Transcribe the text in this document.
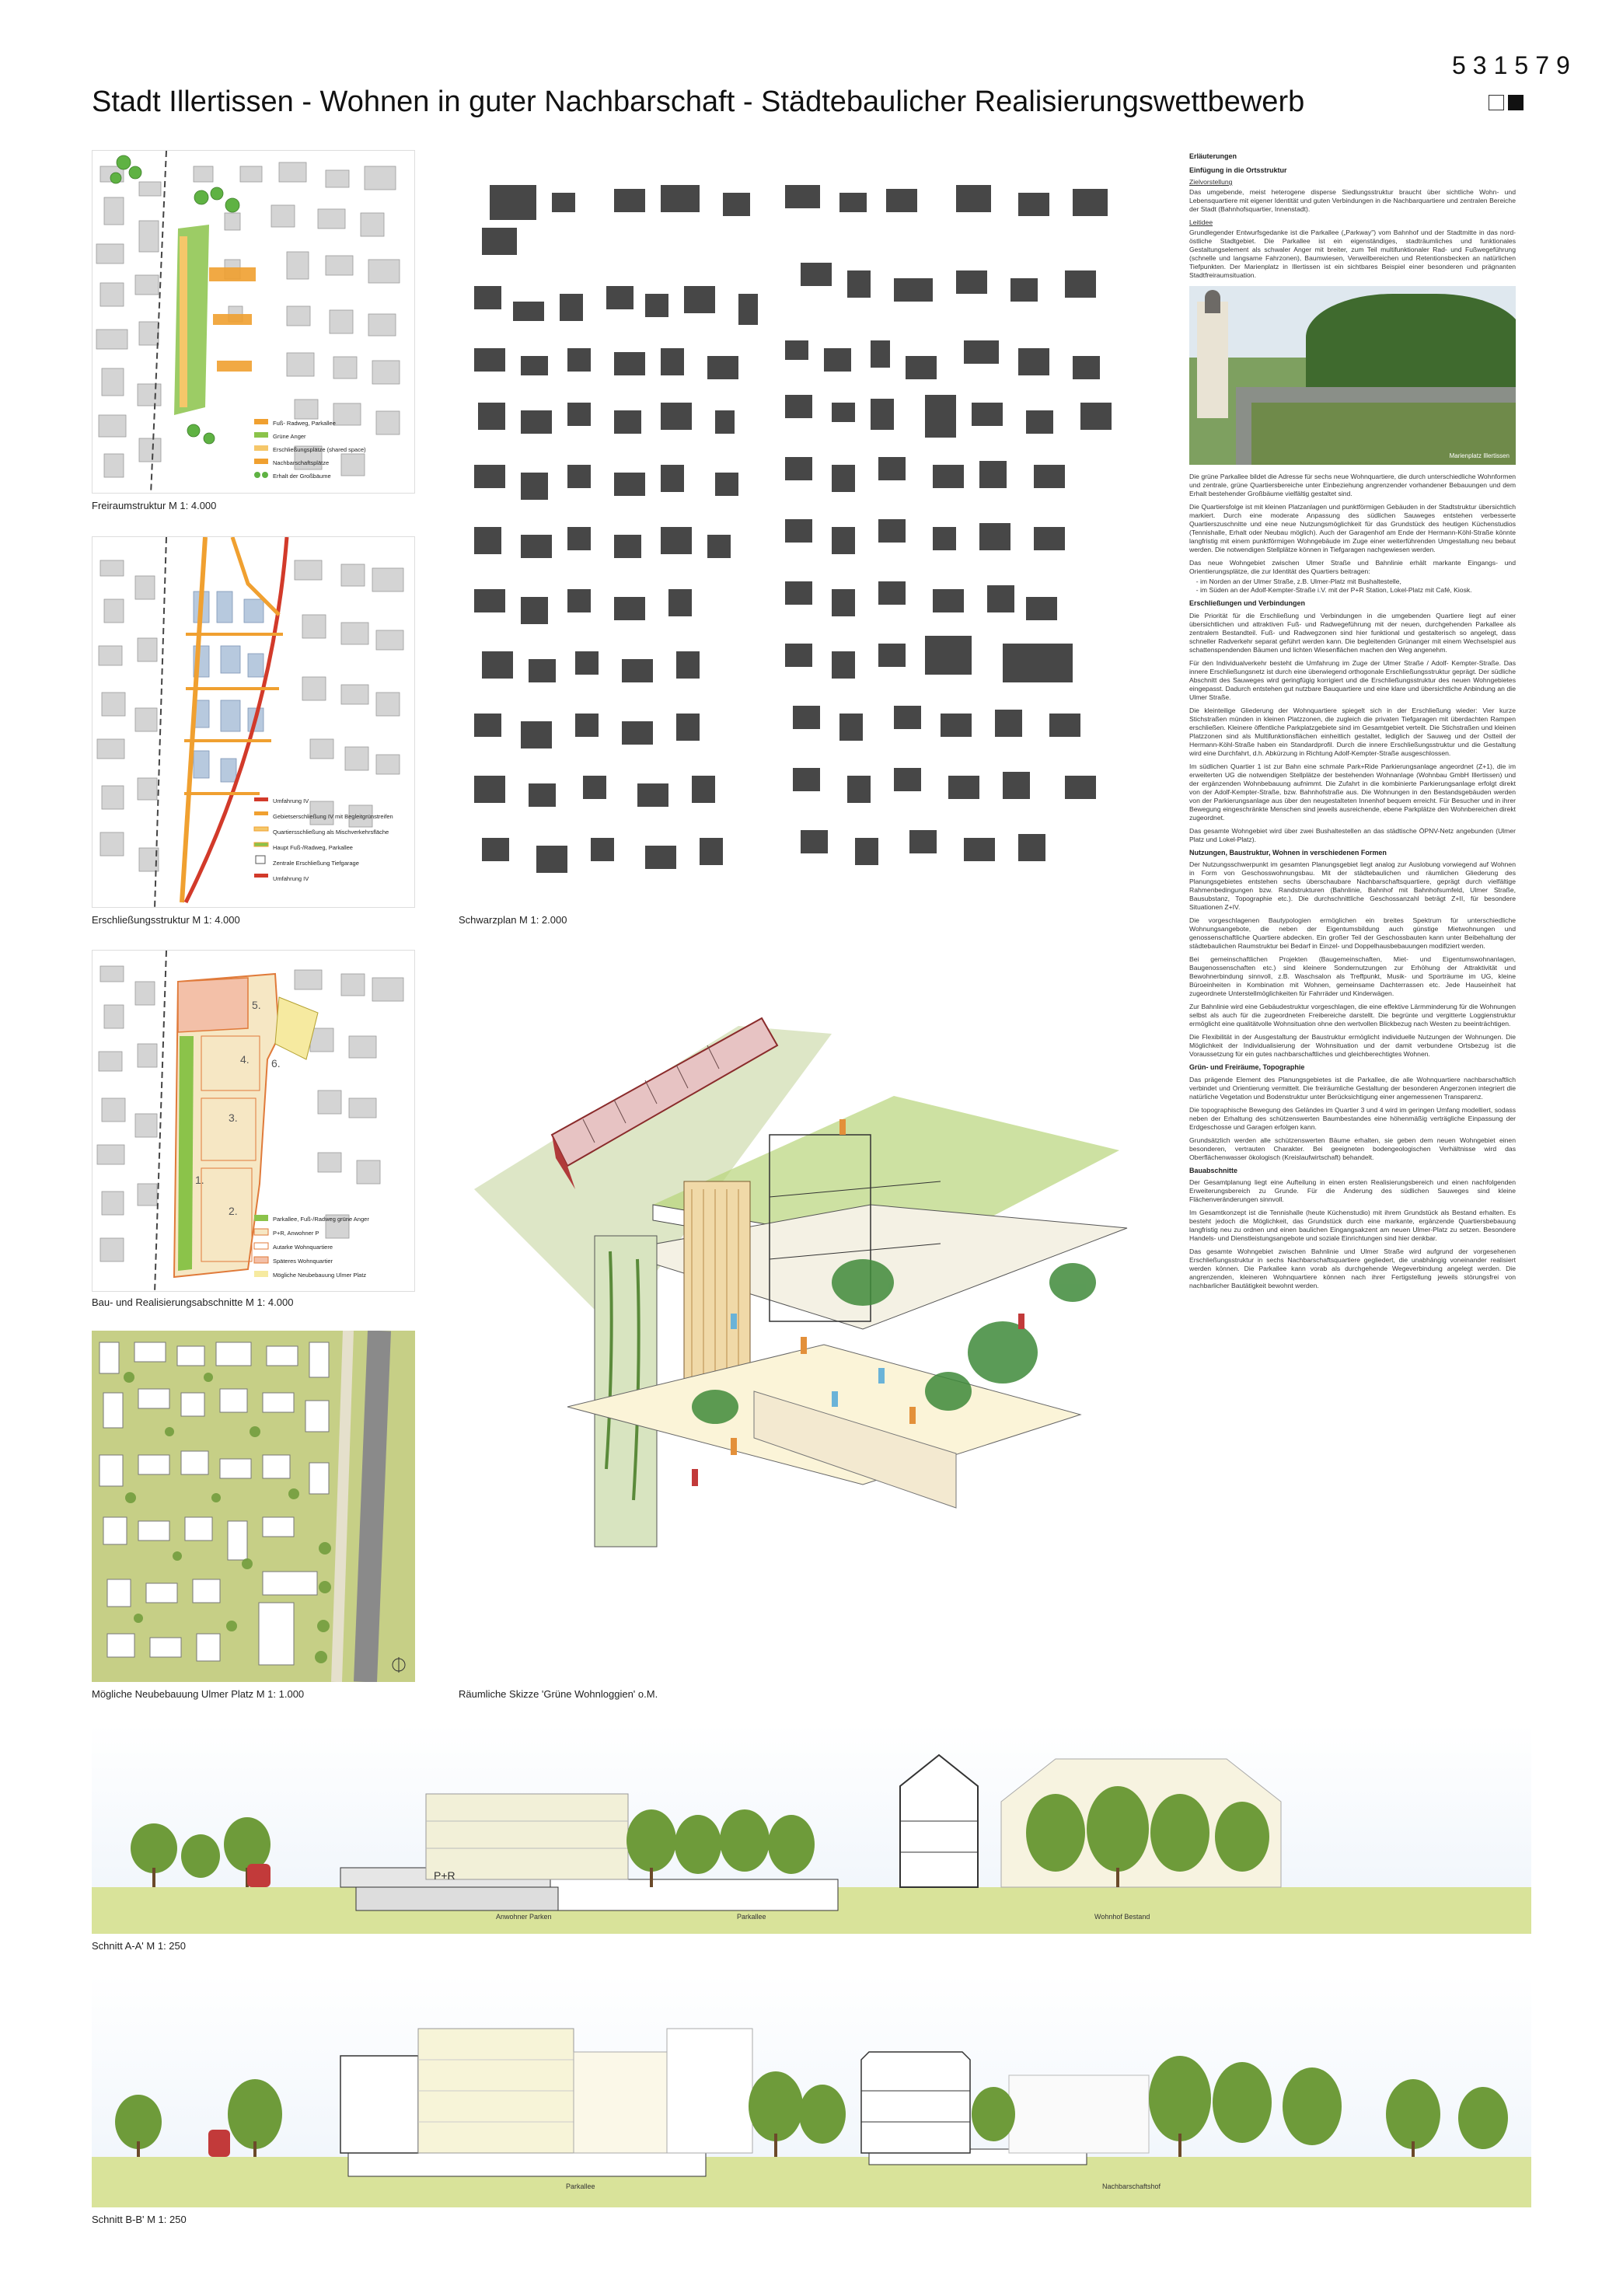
531579
Stadt Illertissen - Wohnen in guter Nachbarschaft - Städtebaulicher Realisierungswettbewerb
Fuß- Radweg, Parkallee
Grüne Anger
Erschließungsplätze (shared space)
Nachbarschaftsplätze
Erhalt der Großbäume
Freiraumstruktur M 1: 4.000
Umfahrung IV
Gebietserschließung IV mit Begleitgrünstreifen
Quartiersschließung als Mischverkehrsfläche
Haupt Fuß-/Radweg, Parkallee
Zentrale Erschließung Tiefgarage
Umfahrung IV
Erschließungsstruktur M 1: 4.000
5.
4.
3.
2.
1.
6.
Parkallee, Fuß-/Radweg grüne Anger
P+R, Anwohner P
Autarke Wohnquartiere
Späteres Wohnquartier
Mögliche Neubebauung Ulmer Platz
Bau- und Realisierungsabschnitte M 1: 4.000
Mögliche Neubebauung Ulmer Platz M 1: 1.000
Schwarzplan M 1: 2.000
Räumliche Skizze 'Grüne Wohnloggien' o.M.
Erläuterungen
Einfügung in die Ortsstruktur
Zielvorstellung

Das umgebende, meist heterogene disperse Siedlungsstruktur braucht über sichtliche Wohn- und Lebensquartiere mit eigener Identität und guten Verbindungen in die Nachbarquartiere und zentralen Bereiche der Stadt (Bahnhofsquartier, Innenstadt).

Leitidee

Grundlegender Entwurfsgedanke ist die Parkallee („Parkway") vom Bahnhof und der Stadtmitte in das nord-östliche Stadtgebiet. Die Parkallee ist ein eigenständiges, stadträumliches und funktionales Gestaltungselement als schwaler Anger mit breiter, zum Teil multifunktionaler Rad- und Fußwegeführung (schnelle und langsame Fahrzonen), Baumwiesen, Verweilbereichen und Retentionsbecken an natürlichen Tiefpunkten. Der Marienplatz in Illertissen ist ein sichtbares Beispiel einer besonderen und prägnanten Stadtfreiraumsituation.

Marienplatz Illertissen

Die grüne Parkallee bildet die Adresse für sechs neue Wohnquartiere, die durch unterschiedliche Wohnformen und zentrale, grüne Quartiersbereiche unter Einbeziehung angrenzender vorhandener Bebauungen und dem Erhalt bestehender Großbäume vielfältig gestaltet sind.

Die Quartiersfolge ist mit kleinen Platzanlagen und punktförmigen Gebäuden in der Stadtstruktur übersichtlich markiert. Durch eine moderate Anpassung des südlichen Sauweges entstehen verbesserte Quartierszuschnitte und eine neue Nutzungsmöglichkeit für das Grundstück des heutigen Küchenstudios (Tennishalle, Erhalt oder Neubau möglich). Auch der Garagenhof am Ende der Hermann-Köhl-Straße könnte langfristig mit einem punktförmigen Wohngebäude im Zuge einer weiterführenden Umgestaltung neu bebaut werden. Die notwendigen Stellplätze können in Tiefgaragen nachgewiesen werden.

Das neue Wohngebiet zwischen Ulmer Straße und Bahnlinie erhält markante Eingangs- und Orientierungsplätze, die zur Identität des Quartiers beitragen:

- im Norden an der Ulmer Straße, z.B. Ulmer-Platz mit Bushaltestelle,
- im Süden an der Adolf-Kempter-Straße i.V. mit der P+R Station, Lokel-Platz mit Café, Kiosk.
Erschließungen und Verbindungen

Die Priorität für die Erschließung und Verbindungen in die umgebenden Quartiere liegt auf einer übersichtlichen und attraktiven Fuß- und Radwegeführung mit der neuen, durchgehenden Parkallee als zentralem Bestandteil. Fuß- und Radwegzonen sind hier funktional und gestalterisch so angelegt, dass schneller Radverkehr separat geführt werden kann. Die begleitenden Grünanger mit einem Wechselspiel aus schattenspendenden Bäumen und lichten Wiesenflächen machen den Weg angenehm.

Für den Individualverkehr besteht die Umfahrung im Zuge der Ulmer Straße / Adolf- Kempter-Straße. Das innere Erschließungsnetz ist durch eine überwiegend orthogonale Erschließungsstruktur geprägt. Der südliche Abschnitt des Sauweges wird geringfügig korrigiert und die Erschließungsstruktur des neuen Wohngebietes eingepasst. Dadurch entstehen gut nutzbare Bauquartiere und eine klare und übersichtliche Anbindung an die Ulmer Straße.

Die kleinteilige Gliederung der Wohnquartiere spiegelt sich in der Erschließung wieder: Vier kurze Stichstraßen münden in kleinen Platzzonen, die zugleich die privaten Tiefgaragen mit überdachten Rampen erschließen. Kleinere öffentliche Parkplatzgebiete sind im Gesamtgebiet verteilt. Die Stichstraßen und kleinen Platzzonen sind als Multifunktionsflächen einheitlich gestaltet, lediglich der Sauweg und der Ostteil der Hermann-Köhl-Straße haben ein Standardprofil. Durch die innere Erschließungsstruktur und die Gestaltung wird eine Durchfahrt, d.h. Abkürzung in Richtung Adolf-Kempter-Straße ausgeschlossen.

Im südlichen Quartier 1 ist zur Bahn eine schmale Park+Ride Parkierungsanlage angeordnet (Z+1), die im erweiterten UG die notwendigen Stellplätze der bestehenden Wohnanlage (Wohnbau GmbH Illertissen) und der ergänzenden Wohnbebauung aufnimmt. Die Zufahrt in die kombinierte Parkierungsanlage erfolgt direkt von der Adolf-Kempter-Straße, bzw. Bahnhofstraße aus. Die Wohnungen in den Bestandsgebäuden werden von der Parkierungsanlage aus über den neugestalteten Innenhof bequem erreicht. Für Besucher und in ihrer Bewegung eingeschränkte Menschen sind jeweils ausreichende, ebene Parkplätze den Wohnbereichen direkt zugeordnet.

Das gesamte Wohngebiet wird über zwei Bushaltestellen an das städtische ÖPNV-Netz angebunden (Ulmer Platz und Lokel-Platz).

Nutzungen, Baustruktur, Wohnen in verschiedenen Formen

Der Nutzungsschwerpunkt im gesamten Planungsgebiet liegt analog zur Auslobung vorwiegend auf Wohnen in Form von Geschosswohnungsbau. Mit der städtebaulichen und räumlichen Gliederung des Planungsgebietes entstehen sechs überschaubare Nachbarschaftsquartiere, geprägt durch vielfältige Rahmenbedingungen bzw. Randstrukturen (Bahnlinie, Bahnhof mit Bahnhofsumfeld, Ulmer Straße, Bausubstanz, Topographie etc.). Die durchschnittliche Geschossanzahl beträgt Z+II, für besondere Situationen Z+IV.

Die vorgeschlagenen Bautypologien ermöglichen ein breites Spektrum für unterschiedliche Wohnungsangebote, die neben der Eigentumsbildung auch günstige Mietwohnungen und genossenschaftliche Quartiere abdecken. Ein großer Teil der Geschossbauten kann unter Beibehaltung der städtebaulichen Raumstruktur bei Bedarf in Einzel- und Doppelhausbebauungen modifiziert werden.

Bei gemeinschaftlichen Projekten (Baugemeinschaften, Miet- und Eigentumswohnanlagen, Baugenossenschaften etc.) sind kleinere Sondernutzungen zur Erhöhung der Attraktivität und Bewohnerbindung sinnvoll, z.B. Waschsalon als Treffpunkt, Musik- und Sporträume im UG, kleine Büroeinheiten in Kombination mit Wohnen, gemeinsame Dachterrassen etc. Jede Hauseinheit hat zugeordnete Unterstellmöglichkeiten für Fahrräder und Kinderwägen.

Zur Bahnlinie wird eine Gebäudestruktur vorgeschlagen, die eine effektive Lärmminderung für die Wohnungen selbst als auch für die zugeordneten Freibereiche darstellt. Die begrünte und vergitterte Loggienstruktur ermöglicht eine qualitätvolle Wohnsituation ohne den wertvollen Blickbezug nach Westen zu beeinträchtigen.

Die Flexibilität in der Ausgestaltung der Baustruktur ermöglicht individuelle Nutzungen der Wohnungen. Die Möglichkeit der Individualisierung der Wohnsituation und der damit verbundene Ortsbezug ist die Voraussetzung für ein gutes nachbarschaftliches und gleichberechtigtes Wohnen.

Grün- und Freiräume, Topographie

Das prägende Element des Planungsgebietes ist die Parkallee, die alle Wohnquartiere nachbarschaftlich verbindet und Orientierung vermittelt. Die freiräumliche Gestaltung der besonderen Angerzonen integriert die natürliche Vegetation und Bodenstruktur unter Berücksichtigung einer angemessenen Transparenz.

Die topographische Bewegung des Geländes im Quartier 3 und 4 wird im geringen Umfang modelliert, sodass neben der Erhaltung des schützenswerten Baumbestandes eine höhenmäßig verträgliche Einpassung der Erdgeschosse und Garagen erfolgen kann.

Grundsätzlich werden alle schützenswerten Bäume erhalten, sie geben dem neuen Wohngebiet einen besonderen, vertrauten Charakter. Bei geeigneten bodengeologischen Verhältnisse wird das Oberflächenwasser ökologisch (Kreislaufwirtschaft) behandelt.

Bauabschnitte

Der Gesamtplanung liegt eine Aufteilung in einen ersten Realisierungsbereich und einen nachfolgenden Erweiterungsbereich zu Grunde. Für die Änderung des südlichen Sauweges sind kleine Flächenveränderungen sinnvoll.

Im Gesamtkonzept ist die Tennishalle (heute Küchenstudio) mit ihrem Grundstück als Bestand erhalten. Es besteht jedoch die Möglichkeit, das Grundstück durch eine markante, ergänzende Quartiersbebauung langfristig neu zu ordnen und einen baulichen Eingangsakzent am neuen Ulmer-Platz zu setzen. Besondere Handels- und Dienstleistungsangebote und soziale Einrichtungen sind hier denkbar.

Das gesamte Wohngebiet zwischen Bahnlinie und Ulmer Straße wird aufgrund der vorgesehenen Erschließungsstruktur in sechs Nachbarschaftsquartiere gegliedert, die unabhängig voneinander realisiert werden können. Die Parkallee kann vorab als durchgehende Wegeverbindung angelegt werden. Die angrenzenden, kleineren Wohnquartiere können nach ihrer Fertigstellung jeweils störungsfrei von nachbarlicher Bautätigkeit bewohnt werden.

P+R
Anwohner Parken	Parkallee	Wohnhof Bestand
Schnitt A-A' M 1: 250
Parkallee	Nachbarschaftshof
Schnitt B-B' M 1: 250
